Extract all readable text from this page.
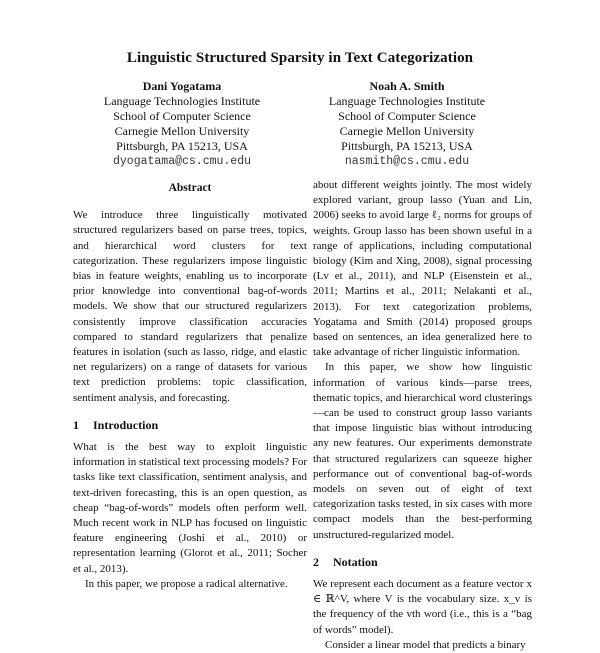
Linguistic Structured Sparsity in Text Categorization
Dani Yogatama
Language Technologies Institute
School of Computer Science
Carnegie Mellon University
Pittsburgh, PA 15213, USA
dyogatama@cs.cmu.edu
Noah A. Smith
Language Technologies Institute
School of Computer Science
Carnegie Mellon University
Pittsburgh, PA 15213, USA
nasmith@cs.cmu.edu
Abstract

We introduce three linguistically motivated structured regularizers based on parse trees, topics, and hierarchical word clusters for text categorization. These regularizers impose linguistic bias in feature weights, enabling us to incorporate prior knowledge into conventional bag-of-words models. We show that our structured regularizers consistently improve classification accuracies compared to standard regularizers that penalize features in isolation (such as lasso, ridge, and elastic net regularizers) on a range of datasets for various text prediction problems: topic classification, sentiment analysis, and forecasting.

1 Introduction

What is the best way to exploit linguistic information in statistical text processing models? For tasks like text classification, sentiment analysis, and text-driven forecasting, this is an open question, as cheap “bag-of-words” models often perform well. Much recent work in NLP has focused on linguistic feature engineering (Joshi et al., 2010) or representation learning (Glorot et al., 2011; Socher et al., 2013).

In this paper, we propose a radical alternative.

about different weights jointly. The most widely explored variant, group lasso (Yuan and Lin, 2006) seeks to avoid large ℓ₂ norms for groups of weights. Group lasso has been shown useful in a range of applications, including computational biology (Kim and Xing, 2008), signal processing (Lv et al., 2011), and NLP (Eisenstein et al., 2011; Martins et al., 2011; Nelakanti et al., 2013). For text categorization problems, Yogatama and Smith (2014) proposed groups based on sentences, an idea generalized here to take advantage of richer linguistic information.

In this paper, we show how linguistic information of various kinds—parse trees, thematic topics, and hierarchical word clusterings—can be used to construct group lasso variants that impose linguistic bias without introducing any new features. Our experiments demonstrate that structured regularizers can squeeze higher performance out of conventional bag-of-words models on seven out of eight of text categorization tasks tested, in six cases with more compact models than the best-performing unstructured-regularized model.

2 Notation

We represent each document as a feature vector x ∈ ℝ^V, where V is the vocabulary size. x_v is the frequency of the vth word (i.e., this is a “bag of words” model).

Consider a linear model that predicts a binary
